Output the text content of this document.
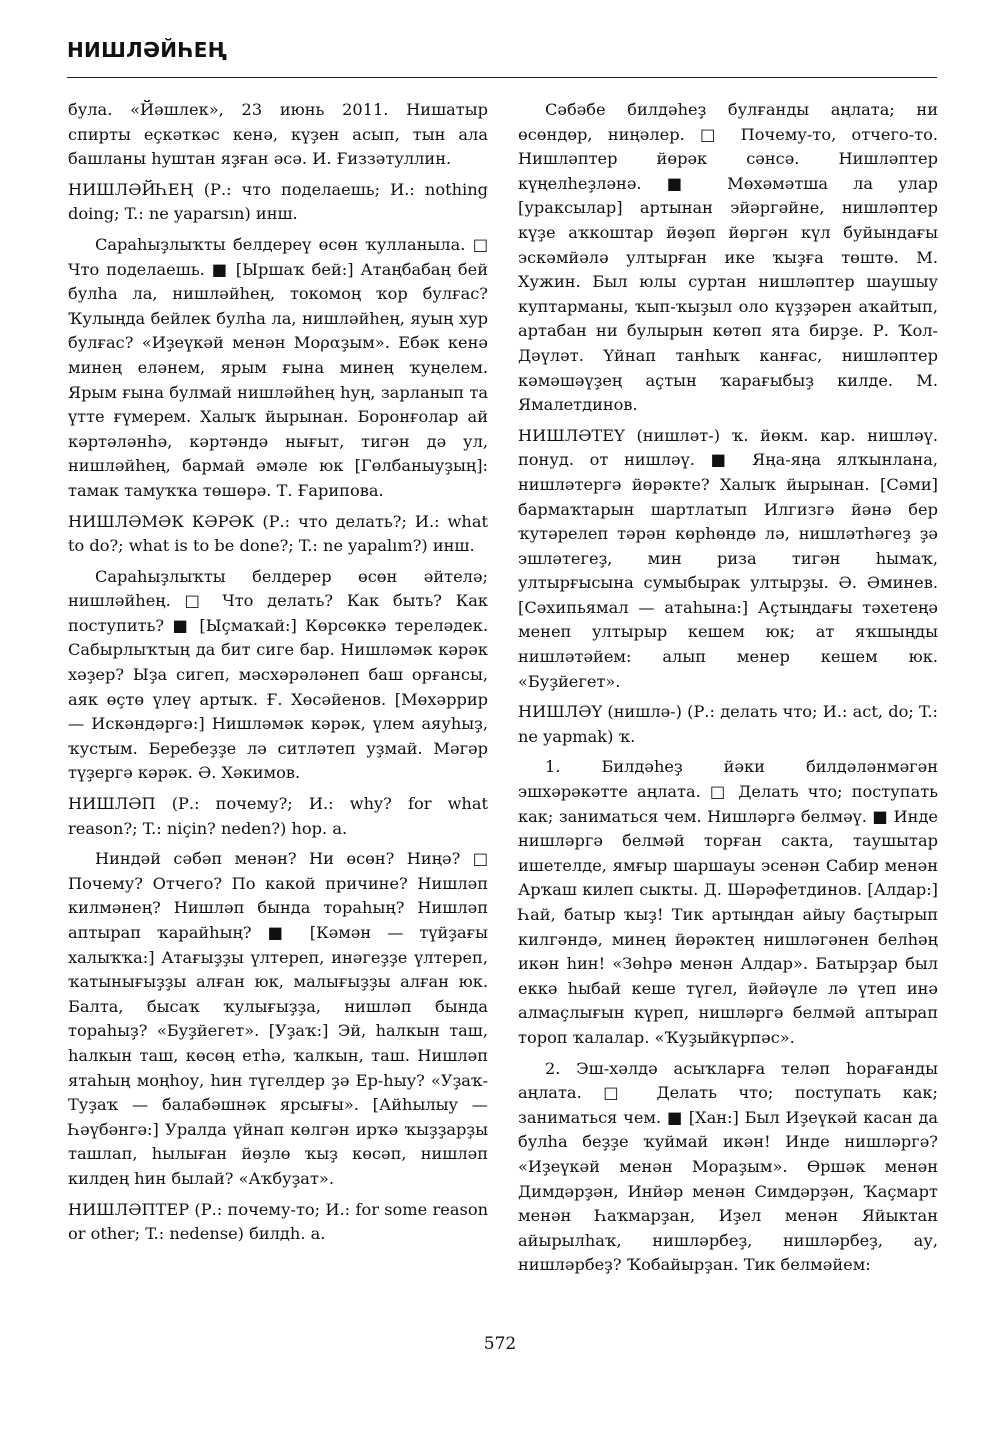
НИШЛӘЙҺЕҢ

була. «Йәшлек», 23 июнь 2011. Нишатыр спирты еҫкәткәс кенә, күҙен асып, тын ала башланы һуштан яҙған әсә. И. Ғиззәтуллин.

НИШЛӘЙҺЕҢ (Р.: что поделаешь; И.: nothing doing; T.: ne yaparsın) инш.

Сараһыҙлыҡты белдереү өсөн ҡулланыла. □ Что поделаешь. ■ [Ыршаҡ бей:] Атаңбабаң бей булһа ла, нишләйһең, токомоң ҡор булғас? Ҡулыңда бейлек булһа ла, нишләйһең, яуың хур булғас? «Иҙеүкәй менән Моραҙым». Ебәк кенә минең еләнем, ярым ғына минең ҡуңелем. Ярым ғына булмай нишләйһең һуң, зарланып та үтте ғүмерем. Халыҡ йырынан. Боронғолар ай кәртәләнһә, кәртәндә нығыт, тигән дә ул, нишләйһең, бармай әмәле юк [Гөлбаныуҙың]: тамак тамуҡҡа төшөрә. Т. Ғарипова.

НИШЛӘМӘК КӘРӘК (Р.: что делать?; И.: what to do?; what is to be done?; T.: ne yapalım?) инш.

Сараһыҙлыҡты белдерер өсөн әйтелә; нишләйһең. □ Что делать? Как быть? Как поступить? ■ [Ыҫмаҡай:] Көрсөккә тереләдек. Сабырлыҡтың да бит сиге бар. Нишләмәк кәрәк хәҙер? Ыҙа сигеп, мәсхәрәләнеп баш орғансы, аяк өҫтө үлеү артыҡ. Ғ. Хөсәйенов. [Мөхәррир — Искәндәргә:] Нишләмәк кәрәк, үлем аяуһыҙ, ҡустым. Беребеҙҙе лә ситләтеп уҙмай. Мәгәр түҙергә кәрәк. Ә. Хәкимов.

НИШЛӘП (Р.: почему?; И.: why? for what reason?; T.: niçin? neden?) һор. а.

Ниндәй сәбәп менән? Ни өсөн? Ниңә? □ Почему? Отчего? По какой причине? Нишләп килмәнең? Нишләп бында тораһың? Нишләп аптырап ҡарайһың? ■ [Кәмән — түйҙағы халыҡҡа:] Атағыҙҙы үлтереп, инәгеҙҙе үлтереп, ҡатынығыҙҙы алған юк, малығыҙҙы алған юк. Балта, бысаҡ ҡулығыҙҙа, нишләп бында тораһыҙ? «Буҙйегет». [Уҙаҡ:] Эй, һалкын таш, һалкын таш, көсөң етһә, ҡалкын, таш. Нишләп ятаһың моңһоу, һин түгелдер ҙә Ер-һыу? «Уҙаҡ-Туҙаҡ — балабәшнәк ярсығы». [Айһылыу — Һәүбәнгә:] Уралда үйнап көлгән ирҡә ҡыҙҙарҙы ташлап, һылыған йөҙлө ҡыҙ көсәп, нишләп килдең һин былай? «Аҡбуҙат».

НИШЛӘПТЕР (Р.: почему-то; И.: for some reason or other; T.: nedense) билдһ. а.

Сәбәбе билдәһеҙ булғанды аңлата; ни өсөндөр, ниңәлер. □ Почему-то, отчего-то. Нишләптер йөрәк сәнсә. Нишләптер күңелһеҙләнә. ■ Мөхәмәтша ла улар [ураксылар] артынан эйәргәйне, нишләптер күҙе аҡкоштар йөҙөп йөргән күл буйындағы эскәмйәлә ултырған ике ҡыҙға төштө. М. Хужин. Был юлы суртан нишләптер шаушыу куптарманы, ҡып-ҡыҙыл оло күҙҙәрен аҡайтып, артабан ни булырын көтөп ята бирҙе. Р. Ҡол-Дәүләт. Үйнап танһыҡ канғас, нишләптер кәмәшәүҙең аҫтын ҡарағыбыҙ килде. М. Ямалетдинов.

НИШЛӘТЕҮ (нишләт-) ҡ. йөкм. кар. нишләү. понуд. от нишләү. ■ Яңа-яңа ялҡынлана, нишләтергә йөрәкте? Халыҡ йырынан. [Сәми] бармаҡтарын шартлатып Илгизгә йәнә бер ҡутәрелеп тәрән көрһөндө лә, нишләтһәгеҙ ҙә эшләтегеҙ, мин риза тигән һымаҡ, ултырғысына сумыбырак ултырҙы. Ә. Әминев. [Сәхипьямал — атаһына:] Аҫтыңдағы тәхетеңә менеп ултырыр кешем юк; ат яҡшыңды нишләтәйем: алып менер кешем юк. «Буҙйегет».

НИШЛӘҮ (нишлә-) (Р.: делать что; И.: act, do; T.: ne yapmak) ҡ.

1. Билдәһеҙ йәки билдәләнмәгән эшхәрәкәтте аңлата. □ Делать что; поступать как; заниматься чем. Нишләргә белмәү. ■ Инде нишләргә белмәй торған сакта, таушытар ишетелде, ямғыр шаршауы эсенән Сабир менән Арҡаш килеп сыкты. Д. Шәрәфетдинов. [Алдар:] Һай, батыр ҡыҙ! Тик артыңдан айыу баҫтырып килгәндә, минең йөрәктең нишләгәнен белһәң икән һин! «Зөһрә менән Алдар». Батырҙар был еккә һыбай кеше түгел, йәйәүле лә үтеп инә алмаҫлығын күреп, нишләргә белмәй аптырап тороп ҡалалар. «Ҡуҙыйкүрпәс».

2. Эш-хәлдә асыҡларға теләп һорағанды аңлата. □ Делать что; поступать как; заниматься чем. ■ [Хан:] Был Иҙеүкәй касан да булһа беҙҙе ҡуймай икән! Инде нишләргә? «Иҙеүкәй менән Мораҙым». Өршәк менән Димдәрҙән, Инйәр менән Симдәрҙән, Ҡаҫмарт менән Һаҡмарҙан, Иҙел менән Яйыктан айырылһаҡ, нишләрбеҙ, нишләрбеҙ, ау, нишләрбеҙ? Ҡобайырҙан. Тик белмәйем:

572
